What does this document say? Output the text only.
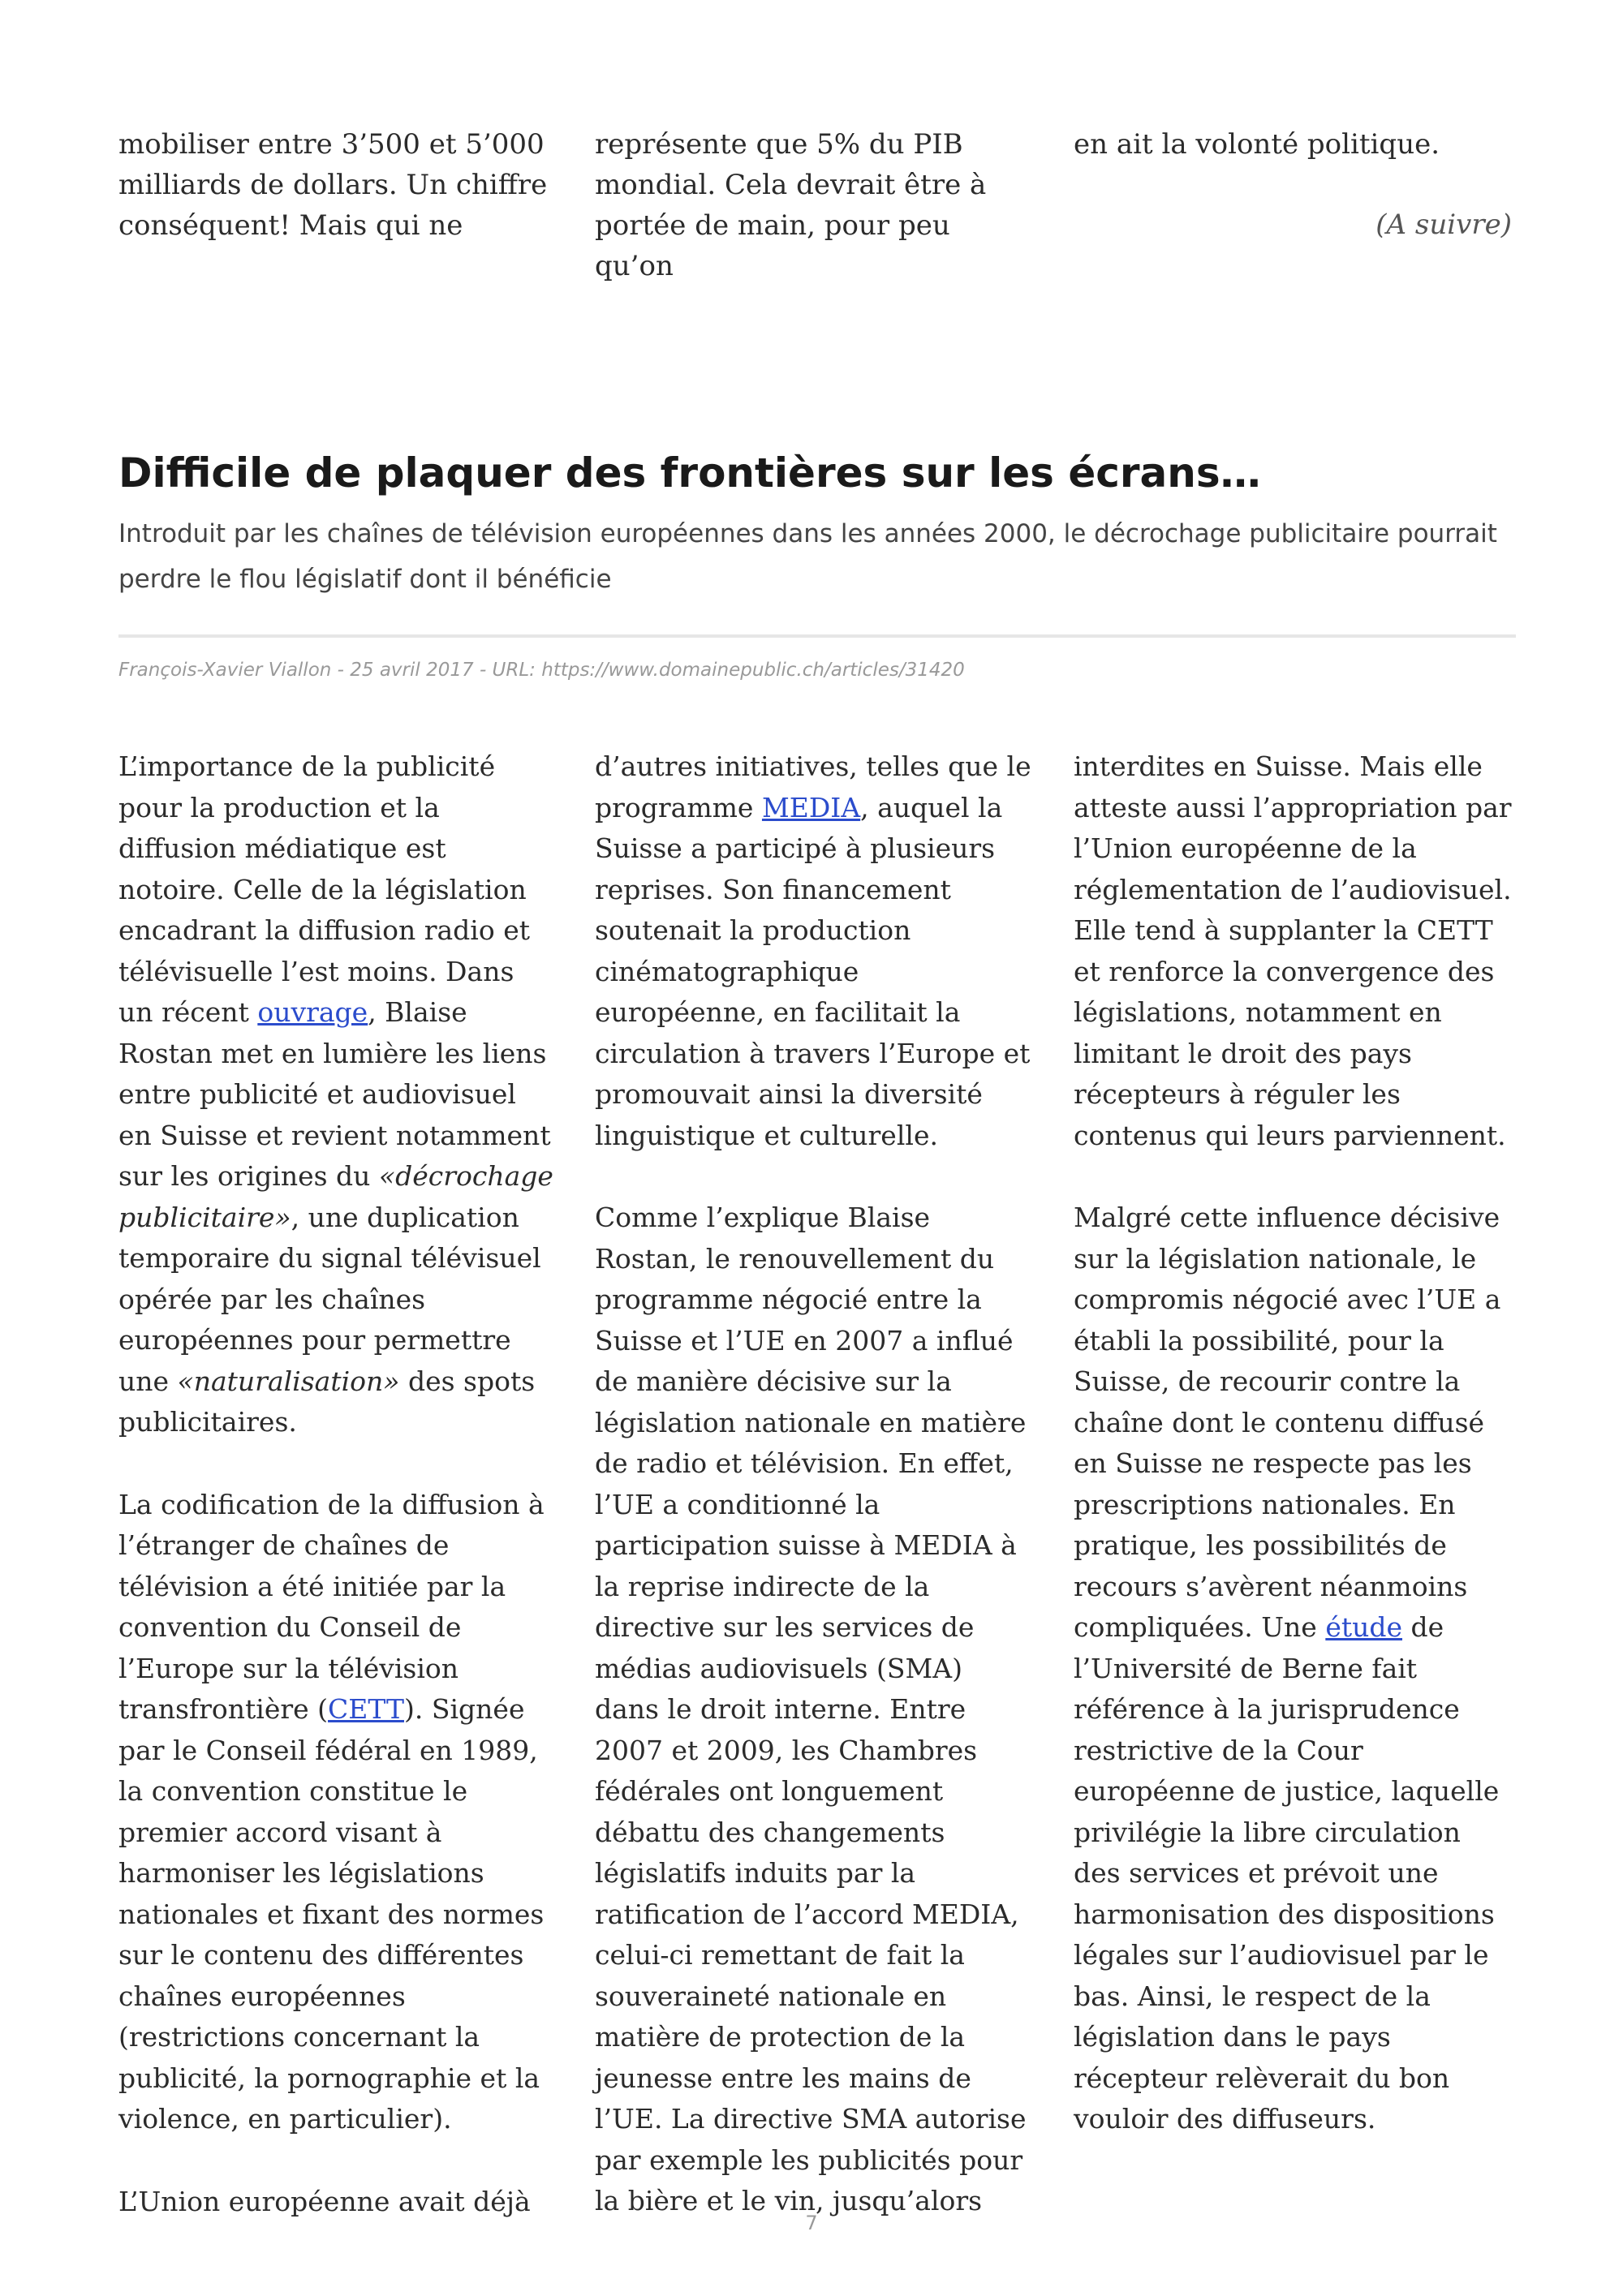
mobiliser entre 3’500 et 5’000 milliards de dollars. Un chiffre conséquent! Mais qui ne

représente que 5% du PIB mondial. Cela devrait être à portée de main, pour peu qu’on

en ait la volonté politique.

(A suivre)

Difficile de plaquer des frontières sur les écrans…

Introduit par les chaînes de télévision européennes dans les années 2000, le décrochage publicitaire pourrait perdre le flou législatif dont il bénéficie

François-Xavier Viallon - 25 avril 2017 - URL: https://www.domainepublic.ch/articles/31420

L’importance de la publicité pour la production et la diffusion médiatique est notoire. Celle de la législation encadrant la diffusion radio et télévisuelle l’est moins. Dans un récent ouvrage, Blaise Rostan met en lumière les liens entre publicité et audiovisuel en Suisse et revient notamment sur les origines du «décrochage publicitaire», une duplication temporaire du signal télévisuel opérée par les chaînes européennes pour permettre une «naturalisation» des spots publicitaires.

La codification de la diffusion à l’étranger de chaînes de télévision a été initiée par la convention du Conseil de l’Europe sur la télévision transfrontière (CETT). Signée par le Conseil fédéral en 1989, la convention constitue le premier accord visant à harmoniser les législations nationales et fixant des normes sur le contenu des différentes chaînes européennes (restrictions concernant la publicité, la pornographie et la violence, en particulier).

L’Union européenne avait déjà

d’autres initiatives, telles que le programme MEDIA, auquel la Suisse a participé à plusieurs reprises. Son financement soutenait la production cinématographique européenne, en facilitait la circulation à travers l’Europe et promouvait ainsi la diversité linguistique et culturelle.

Comme l’explique Blaise Rostan, le renouvellement du programme négocié entre la Suisse et l’UE en 2007 a influé de manière décisive sur la législation nationale en matière de radio et télévision. En effet, l’UE a conditionné la participation suisse à MEDIA à la reprise indirecte de la directive sur les services de médias audiovisuels (SMA) dans le droit interne. Entre 2007 et 2009, les Chambres fédérales ont longuement débattu des changements législatifs induits par la ratification de l’accord MEDIA, celui-ci remettant de fait la souveraineté nationale en matière de protection de la jeunesse entre les mains de l’UE. La directive SMA autorise par exemple les publicités pour la bière et le vin, jusqu’alors

interdites en Suisse. Mais elle atteste aussi l’appropriation par l’Union européenne de la réglementation de l’audiovisuel. Elle tend à supplanter la CETT et renforce la convergence des législations, notamment en limitant le droit des pays récepteurs à réguler les contenus qui leurs parviennent.

Malgré cette influence décisive sur la législation nationale, le compromis négocié avec l’UE a établi la possibilité, pour la Suisse, de recourir contre la chaîne dont le contenu diffusé en Suisse ne respecte pas les prescriptions nationales. En pratique, les possibilités de recours s’avèrent néanmoins compliquées. Une étude de l’Université de Berne fait référence à la jurisprudence restrictive de la Cour européenne de justice, laquelle privilégie la libre circulation des services et prévoit une harmonisation des dispositions légales sur l’audiovisuel par le bas. Ainsi, le respect de la législation dans le pays récepteur relèverait du bon vouloir des diffuseurs.

7
